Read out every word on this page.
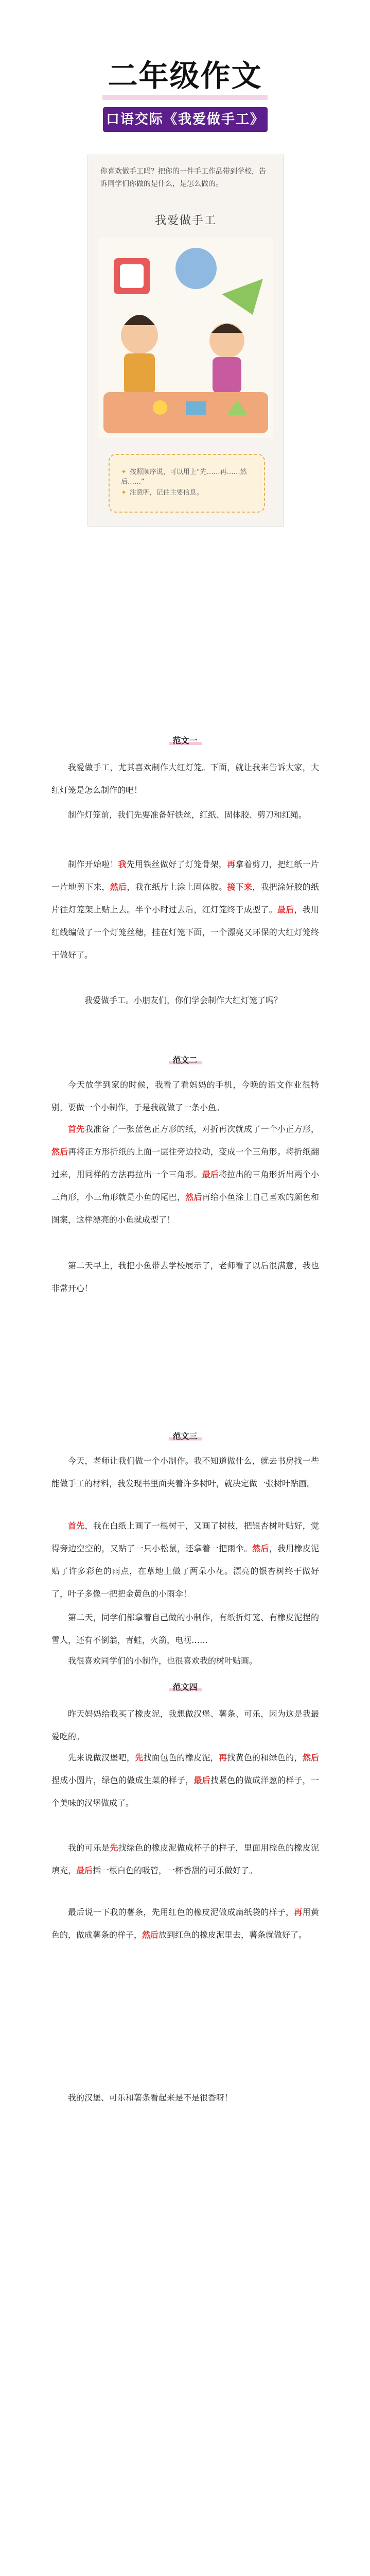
二年级作文
口语交际《我爱做手工》范文
你喜欢做手工吗？把你的一件手工作品带到学校，告诉同学们你做的是什么，是怎么做的。
我爱做手工
✦ 按照顺序说，可以用上“先……再……然后……”
✦ 注意听，记住主要信息。
范文一
我爱做手工，尤其喜欢制作大红灯笼。下面，就让我来告诉大家，大红灯笼是怎么制作的吧！
制作灯笼前，我们先要准备好铁丝，红纸、固体胶、剪刀和红绳。
制作开始啦！我先用铁丝做好了灯笼骨架，再拿着剪刀，把红纸一片一片地剪下来，然后，我在纸片上涂上固体胶。接下来，我把涂好胶的纸片往灯笼架上贴上去。半个小时过去后，红灯笼终于成型了。最后，我用红线编做了一个灯笼丝穗，挂在灯笼下面，一个漂亮又环保的大红灯笼终于做好了。
我爱做手工。小朋友们，你们学会制作大红灯笼了吗？
范文二
今天放学到家的时候，我看了看妈妈的手机，今晚的语文作业很特别，要做一个小制作，于是我就做了一条小鱼。
首先我准备了一张蓝色正方形的纸，对折再次就成了一个小正方形，然后再将正方形折纸的上面一层往旁边拉动，变成一个三角形。将折纸翻过来，用同样的方法再拉出一个三角形。最后将拉出的三角形折出两个小三角形，小三角形就是小鱼的尾巴，然后再给小鱼涂上自己喜欢的颜色和图案，这样漂亮的小鱼就成型了！
第二天早上，我把小鱼带去学校展示了，老师看了以后很满意，我也非常开心！
范文三
今天，老师让我们做一个小制作。我不知道做什么，就去书房找一些能做手工的材料，我发现书里面夹着许多树叶，就决定做一张树叶贴画。
首先，我在白纸上画了一根树干，又画了树枝，把银杏树叶贴好，觉得旁边空空的，又贴了一只小松鼠，还拿着一把雨伞。然后，我用橡皮泥贴了许多彩色的雨点，在草地上做了两朵小花。漂亮的银杏树终于做好了，叶子多像一把把金黄色的小雨伞！
第二天，同学们都拿着自己做的小制作，有纸折灯笼、有橡皮泥捏的雪人，还有不倒翁，青蛙，火箭，电视……
我很喜欢同学们的小制作，也很喜欢我的树叶贴画。
范文四
昨天妈妈给我买了橡皮泥，我想做汉堡、薯条、可乐，因为这是我最爱吃的。
先来说做汉堡吧，先找面包色的橡皮泥，再找黄色的和绿色的，然后捏成小圆片，绿色的做成生菜的样子，最后找紧色的做成洋葱的样子，一个美味的汉堡做成了。
我的可乐是先找绿色的橡皮泥做成杯子的样子，里面用棕色的橡皮泥填充，最后插一根白色的吸管，一杯香甜的可乐做好了。
最后说一下我的薯条，先用红色的橡皮泥做成扁纸袋的样子，再用黄色的，做成薯条的样子，然后放到红色的橡皮泥里去，薯条就做好了。
我的汉堡、可乐和薯条看起来是不是很香呀！
